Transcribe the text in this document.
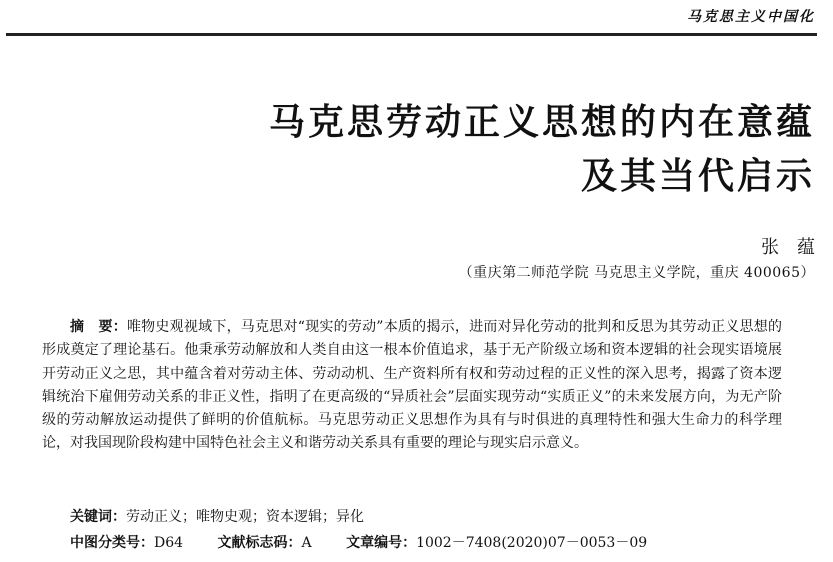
马克思主义中国化
马克思劳动正义思想的内在意蕴
及其当代启示
张蕴
（重庆第二师范学院 马克思主义学院，重庆 400065）

摘　要：唯物史观视域下，马克思对“现实的劳动”本质的揭示，进而对异化劳动的批判和反思为其劳动正义思想的形成奠定了理论基石。他秉承劳动解放和人类自由这一根本价值追求，基于无产阶级立场和资本逻辑的社会现实语境展开劳动正义之思，其中蕴含着对劳动主体、劳动动机、生产资料所有权和劳动过程的正义性的深入思考，揭露了资本逻辑统治下雇佣劳动关系的非正义性，指明了在更高级的“异质社会”层面实现劳动“实质正义”的未来发展方向，为无产阶级的劳动解放运动提供了鲜明的价值航标。马克思劳动正义思想作为具有与时俱进的真理特性和强大生命力的科学理论，对我国现阶段构建中国特色社会主义和谐劳动关系具有重要的理论与现实启示意义。

关键词：劳动正义；唯物史观；资本逻辑；异化
中图分类号：D64 文献标志码：A 文章编号：1002－7408(2020)07－0053－09
